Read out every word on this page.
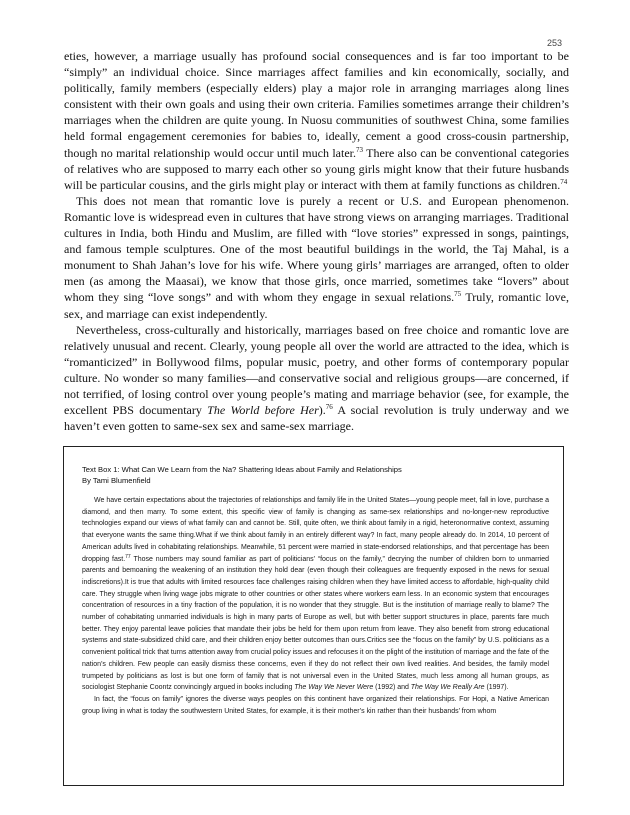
253

eties, however, a marriage usually has profound social consequences and is far too important to be “simply” an individual choice. Since marriages affect families and kin economically, socially, and politically, family members (especially elders) play a major role in arranging marriages along lines consistent with their own goals and using their own criteria. Families sometimes arrange their children’s marriages when the children are quite young. In Nuosu communities of southwest China, some families held formal engagement ceremonies for babies to, ideally, cement a good cross-cousin partnership, though no marital relationship would occur until much later.$^{73}$ There also can be conventional categories of relatives who are supposed to marry each other so young girls might know that their future husbands will be particular cousins, and the girls might play or interact with them at family functions as children.$^{74}$

This does not mean that romantic love is purely a recent or U.S. and European phenomenon. Romantic love is widespread even in cultures that have strong views on arranging marriages. Traditional cultures in India, both Hindu and Muslim, are filled with “love stories” expressed in songs, paintings, and famous temple sculptures. One of the most beautiful buildings in the world, the Taj Mahal, is a monument to Shah Jahan’s love for his wife. Where young girls’ marriages are arranged, often to older men (as among the Maasai), we know that those girls, once married, sometimes take “lovers” about whom they sing “love songs” and with whom they engage in sexual relations.$^{75}$ Truly, romantic love, sex, and marriage can exist independently.

Nevertheless, cross-culturally and historically, marriages based on free choice and romantic love are relatively unusual and recent. Clearly, young people all over the world are attracted to the idea, which is “romanticized” in Bollywood films, popular music, poetry, and other forms of contemporary popular culture. No wonder so many families—and conservative social and religious groups—are concerned, if not terrified, of losing control over young people’s mating and marriage behavior (see, for example, the excellent PBS documentary The World before Her).$^{76}$ A social revolution is truly underway and we haven’t even gotten to same-sex sex and same-sex marriage.

Text Box 1: What Can We Learn from the Na? Shattering Ideas about Family and Relationships

By Tami Blumenfield

We have certain expectations about the trajectories of relationships and family life in the United States—young people meet, fall in love, purchase a diamond, and then marry. To some extent, this specific view of family is changing as same-sex relationships and no-longer-new reproductive technologies expand our views of what family can and cannot be. Still, quite often, we think about family in a rigid, heteronormative context, assuming that everyone wants the same thing.What if we think about family in an entirely different way? In fact, many people already do. In 2014, 10 percent of American adults lived in cohabitating relationships. Meanwhile, 51 percent were married in state-endorsed relationships, and that percentage has been dropping fast.$^{77}$ Those numbers may sound familiar as part of politicians’ “focus on the family,” decrying the number of children born to unmarried parents and bemoaning the weakening of an institution they hold dear (even though their colleagues are frequently exposed in the news for sexual indiscretions).It is true that adults with limited resources face challenges raising children when they have limited access to affordable, high-quality child care. They struggle when living wage jobs migrate to other countries or other states where workers earn less. In an economic system that encourages concentration of resources in a tiny fraction of the population, it is no wonder that they struggle. But is the institution of marriage really to blame? The number of cohabitating unmarried individuals is high in many parts of Europe as well, but with better support structures in place, parents fare much better. They enjoy parental leave policies that mandate their jobs be held for them upon return from leave. They also benefit from strong educational systems and state-subsidized child care, and their children enjoy better outcomes than ours.Critics see the “focus on the family” by U.S. politicians as a convenient political trick that turns attention away from crucial policy issues and refocuses it on the plight of the institution of marriage and the fate of the nation’s children. Few people can easily dismiss these concerns, even if they do not reflect their own lived realities. And besides, the family model trumpeted by politicians as lost is but one form of family that is not universal even in the United States, much less among all human groups, as sociologist Stephanie Coontz convincingly argued in books including The Way We Never Were (1992) and The Way We Really Are (1997).

In fact, the “focus on family” ignores the diverse ways peoples on this continent have organized their relationships. For Hopi, a Native American group living in what is today the southwestern United States, for example, it is their mother’s kin rather than their husbands’ from whom
